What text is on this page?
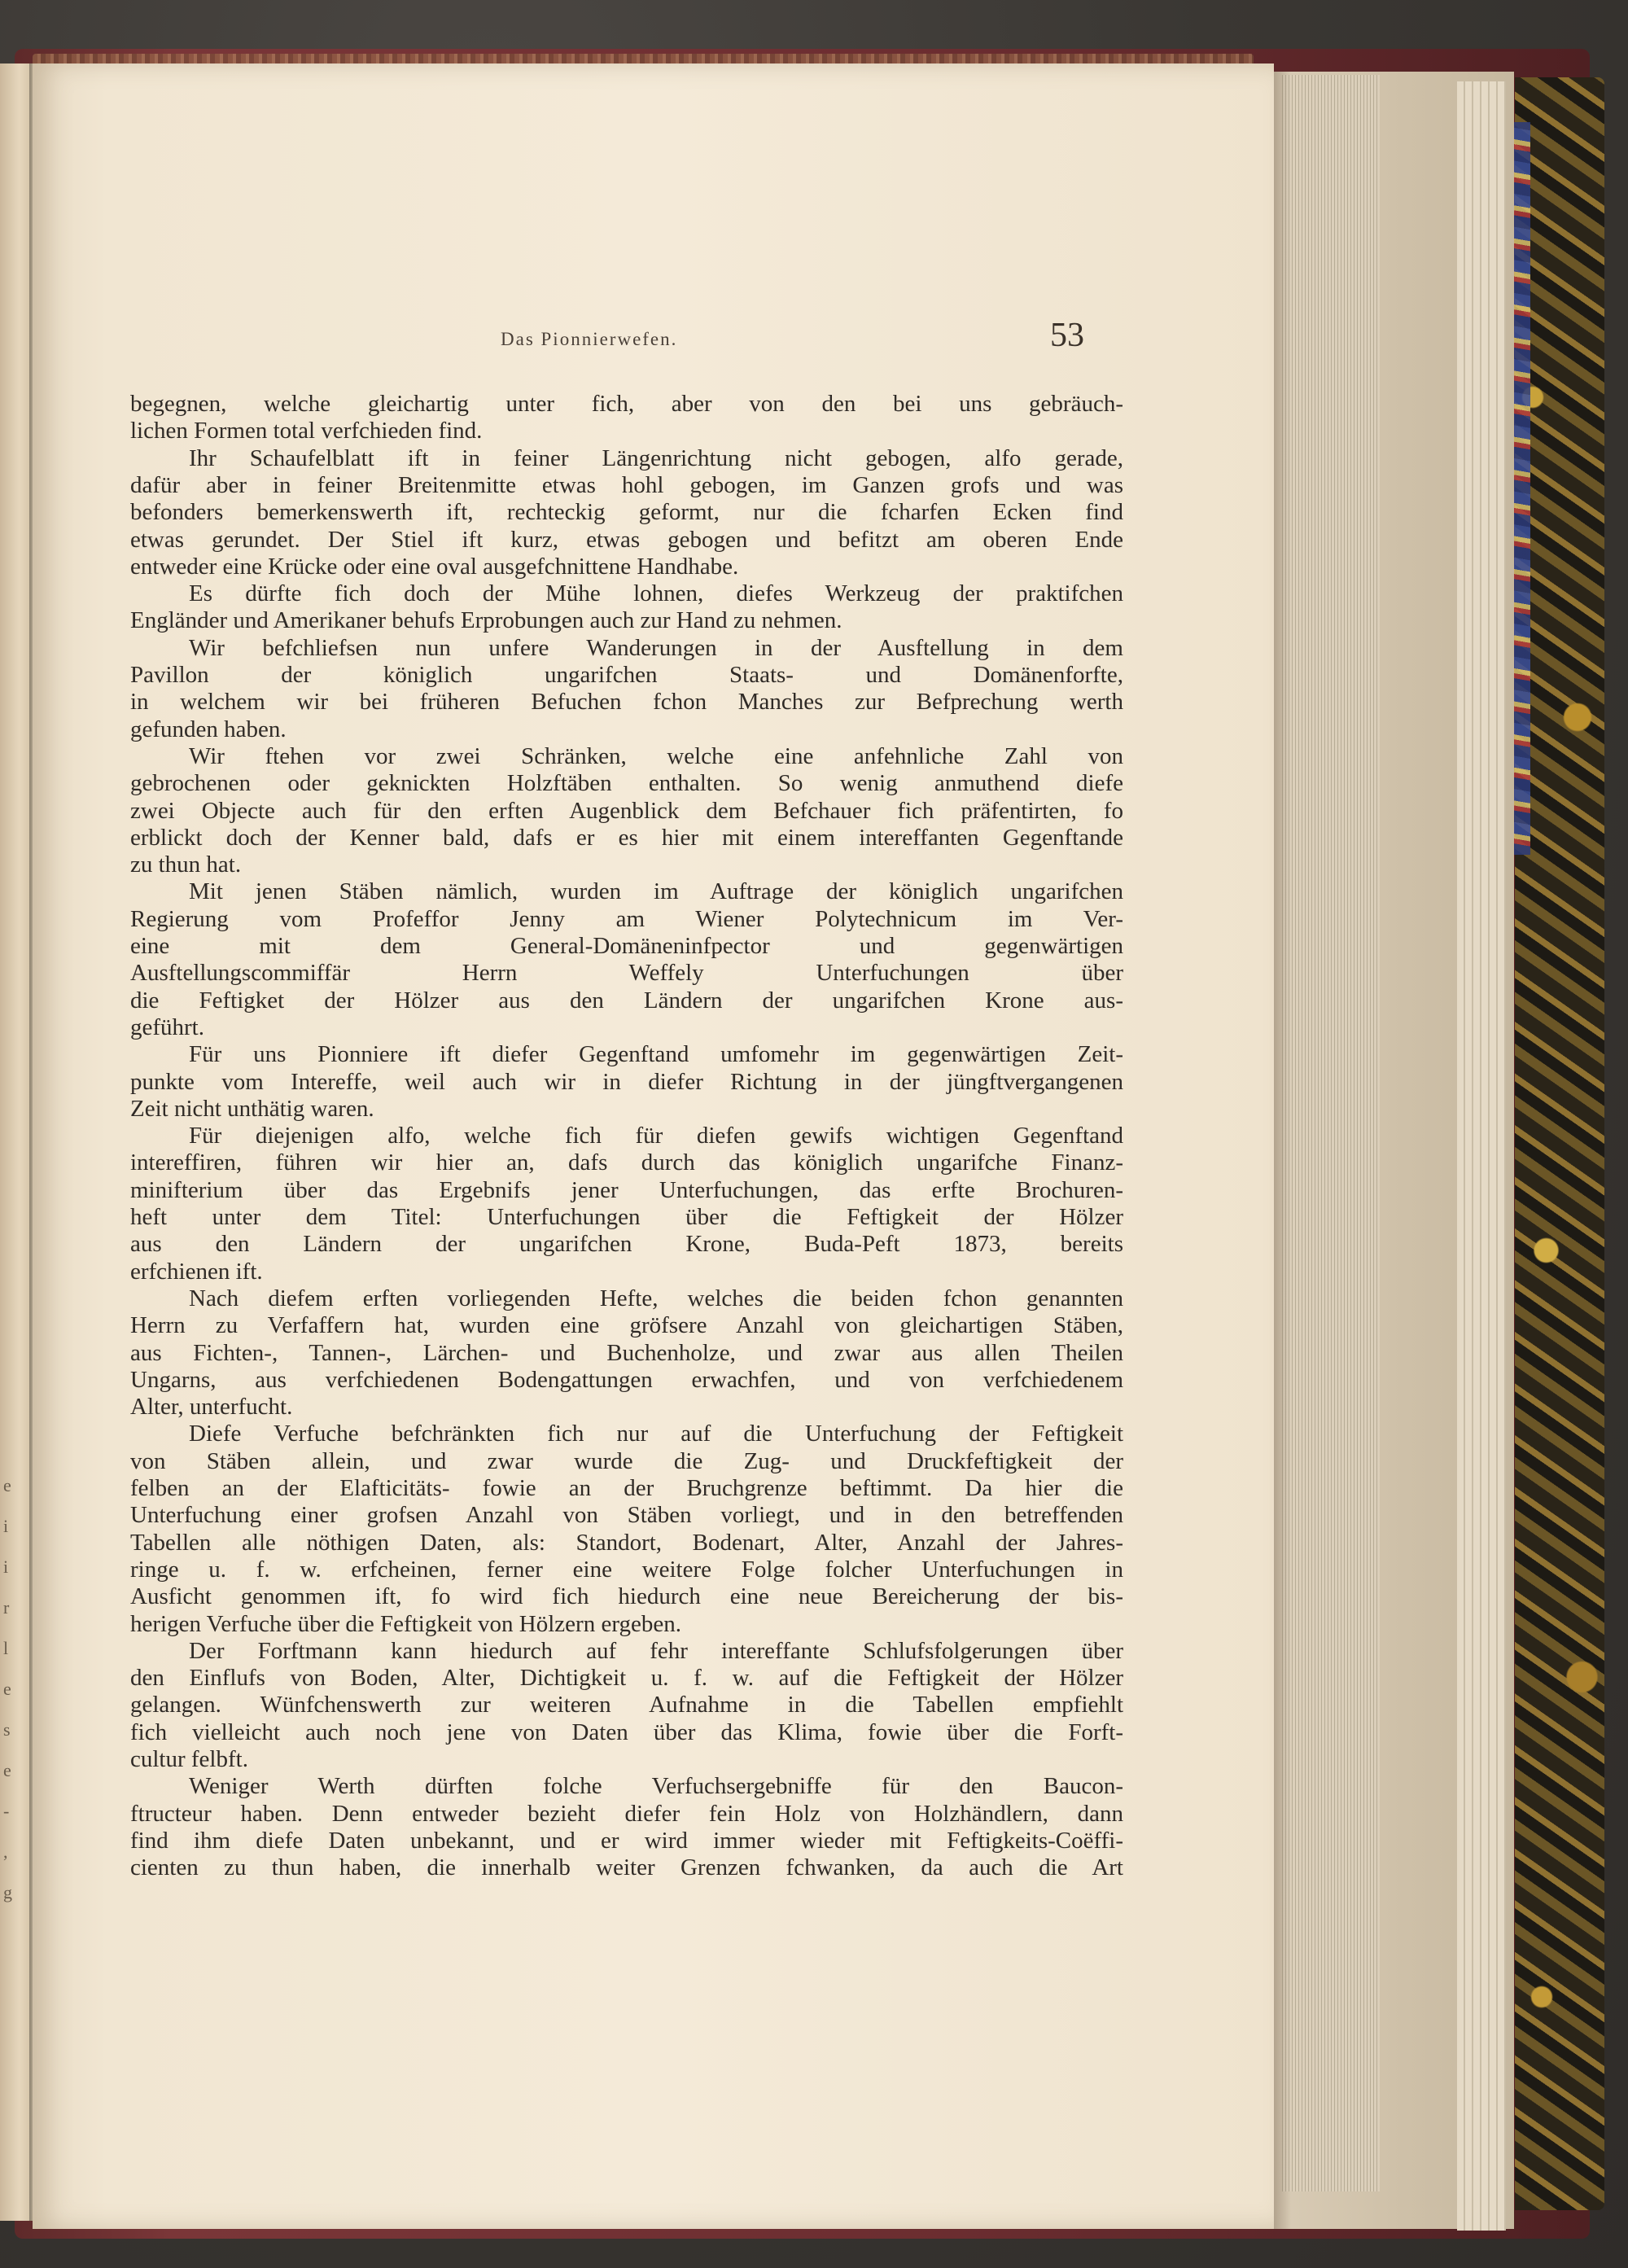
e
i
i
r
l
e
s
e
-
,
g
Das Pionnierwefen.	53
begegnen, welche gleichartig unter fich, aber von den bei uns gebräuch-
lichen Formen total verfchieden find.
Ihr Schaufelblatt ift in feiner Längenrichtung nicht gebogen, alfo gerade,
dafür aber in feiner Breitenmitte etwas hohl gebogen, im Ganzen grofs und was
befonders bemerkenswerth ift, rechteckig geformt, nur die fcharfen Ecken find
etwas gerundet. Der Stiel ift kurz, etwas gebogen und befitzt am oberen Ende
entweder eine Krücke oder eine oval ausgefchnittene Handhabe.
Es dürfte fich doch der Mühe lohnen, diefes Werkzeug der praktifchen
Engländer und Amerikaner behufs Erprobungen auch zur Hand zu nehmen.
Wir befchliefsen nun unfere Wanderungen in der Ausftellung in dem
Pavillon der königlich ungarifchen Staats- und Domänenforfte,
in welchem wir bei früheren Befuchen fchon Manches zur Befprechung werth
gefunden haben.
Wir ftehen vor zwei Schränken, welche eine anfehnliche Zahl von
gebrochenen oder geknickten Holzftäben enthalten. So wenig anmuthend diefe
zwei Objecte auch für den erften Augenblick dem Befchauer fich präfentirten, fo
erblickt doch der Kenner bald, dafs er es hier mit einem intereffanten Gegenftande
zu thun hat.
Mit jenen Stäben nämlich, wurden im Auftrage der königlich ungarifchen
Regierung vom Profeffor Jenny am Wiener Polytechnicum im Ver-
eine mit dem General-Domäneninfpector und gegenwärtigen
Ausftellungscommiffär Herrn Weffely Unterfuchungen über
die Feftigket der Hölzer aus den Ländern der ungarifchen Krone aus-
geführt.
Für uns Pionniere ift diefer Gegenftand umfomehr im gegenwärtigen Zeit-
punkte vom Intereffe, weil auch wir in diefer Richtung in der jüngftvergangenen
Zeit nicht unthätig waren.
Für diejenigen alfo, welche fich für diefen gewifs wichtigen Gegenftand
intereffiren, führen wir hier an, dafs durch das königlich ungarifche Finanz-
minifterium über das Ergebnifs jener Unterfuchungen, das erfte Brochuren-
heft unter dem Titel: Unterfuchungen über die Feftigkeit der Hölzer
aus den Ländern der ungarifchen Krone, Buda-Peft 1873, bereits
erfchienen ift.
Nach diefem erften vorliegenden Hefte, welches die beiden fchon genannten
Herrn zu Verfaffern hat, wurden eine gröfsere Anzahl von gleichartigen Stäben,
aus Fichten-, Tannen-, Lärchen- und Buchenholze, und zwar aus allen Theilen
Ungarns, aus verfchiedenen Bodengattungen erwachfen, und von verfchiedenem
Alter, unterfucht.
Diefe Verfuche befchränkten fich nur auf die Unterfuchung der Feftigkeit
von Stäben allein, und zwar wurde die Zug- und Druckfeftigkeit der
felben an der Elafticitäts- fowie an der Bruchgrenze beftimmt. Da hier die
Unterfuchung einer grofsen Anzahl von Stäben vorliegt, und in den betreffenden
Tabellen alle nöthigen Daten, als: Standort, Bodenart, Alter, Anzahl der Jahres-
ringe u. f. w. erfcheinen, ferner eine weitere Folge folcher Unterfuchungen in
Ausficht genommen ift, fo wird fich hiedurch eine neue Bereicherung der bis-
herigen Verfuche über die Feftigkeit von Hölzern ergeben.
Der Forftmann kann hiedurch auf fehr intereffante Schlufsfolgerungen über
den Einflufs von Boden, Alter, Dichtigkeit u. f. w. auf die Feftigkeit der Hölzer
gelangen. Wünfchenswerth zur weiteren Aufnahme in die Tabellen empfiehlt
fich vielleicht auch noch jene von Daten über das Klima, fowie über die Forft-
cultur felbft.
Weniger Werth dürften folche Verfuchsergebniffe für den Baucon-
ftructeur haben. Denn entweder bezieht diefer fein Holz von Holzhändlern, dann
find ihm diefe Daten unbekannt, und er wird immer wieder mit Feftigkeits-Coëffi-
cienten zu thun haben, die innerhalb weiter Grenzen fchwanken, da auch die Art
